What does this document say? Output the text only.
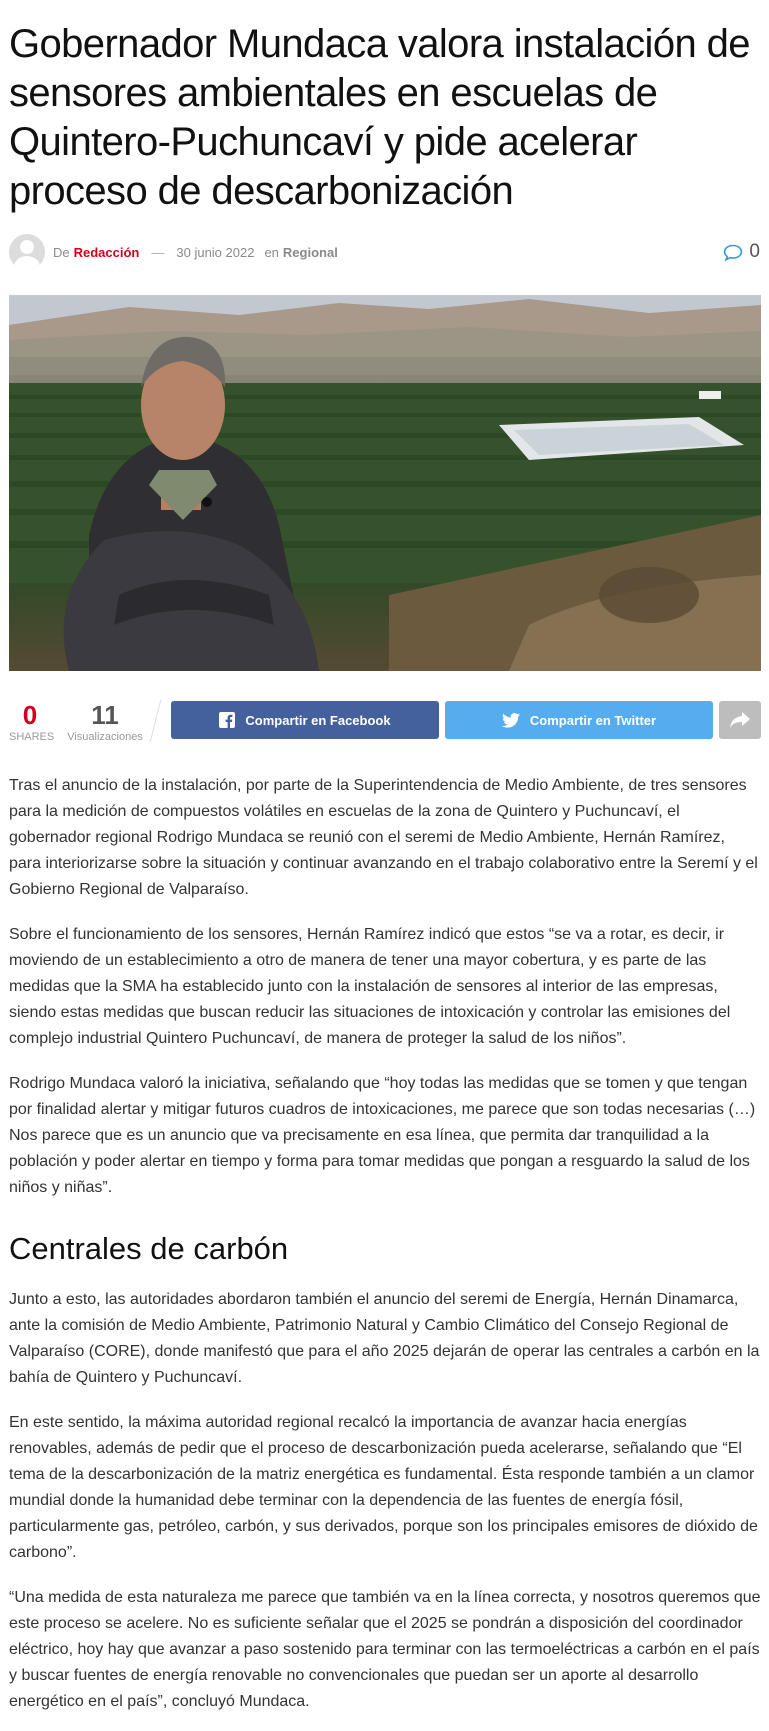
Gobernador Mundaca valora instalación de sensores ambientales en escuelas de Quintero-Puchuncaví y pide acelerar proceso de descarbonización
De Redacción — 30 junio 2022 en Regional	0
0
SHARES
11
Visualizaciones
Compartir en Facebook	Compartir en Twitter

Tras el anuncio de la instalación, por parte de la Superintendencia de Medio Ambiente, de tres sensores para la medición de compuestos volátiles en escuelas de la zona de Quintero y Puchuncaví, el gobernador regional Rodrigo Mundaca se reunió con el seremi de Medio Ambiente, Hernán Ramírez, para interiorizarse sobre la situación y continuar avanzando en el trabajo colaborativo entre la Seremí y el Gobierno Regional de Valparaíso.

Sobre el funcionamiento de los sensores, Hernán Ramírez indicó que estos “se va a rotar, es decir, ir moviendo de un establecimiento a otro de manera de tener una mayor cobertura, y es parte de las medidas que la SMA ha establecido junto con la instalación de sensores al interior de las empresas, siendo estas medidas que buscan reducir las situaciones de intoxicación y controlar las emisiones del complejo industrial Quintero Puchuncaví, de manera de proteger la salud de los niños”.

Rodrigo Mundaca valoró la iniciativa, señalando que “hoy todas las medidas que se tomen y que tengan por finalidad alertar y mitigar futuros cuadros de intoxicaciones, me parece que son todas necesarias (…) Nos parece que es un anuncio que va precisamente en esa línea, que permita dar tranquilidad a la población y poder alertar en tiempo y forma para tomar medidas que pongan a resguardo la salud de los niños y niñas”.

Centrales de carbón

Junto a esto, las autoridades abordaron también el anuncio del seremi de Energía, Hernán Dinamarca, ante la comisión de Medio Ambiente, Patrimonio Natural y Cambio Climático del Consejo Regional de Valparaíso (CORE), donde manifestó que para el año 2025 dejarán de operar las centrales a carbón en la bahía de Quintero y Puchuncaví.

En este sentido, la máxima autoridad regional recalcó la importancia de avanzar hacia energías renovables, además de pedir que el proceso de descarbonización pueda acelerarse, señalando que “El tema de la descarbonización de la matriz energética es fundamental. Ésta responde también a un clamor mundial donde la humanidad debe terminar con la dependencia de las fuentes de energía fósil, particularmente gas, petróleo, carbón, y sus derivados, porque son los principales emisores de dióxido de carbono”.

“Una medida de esta naturaleza me parece que también va en la línea correcta, y nosotros queremos que este proceso se acelere. No es suficiente señalar que el 2025 se pondrán a disposición del coordinador eléctrico, hoy hay que avanzar a paso sostenido para terminar con las termoeléctricas a carbón en el país y buscar fuentes de energía renovable no convencionales que puedan ser un aporte al desarrollo energético en el país”, concluyó Mundaca.
